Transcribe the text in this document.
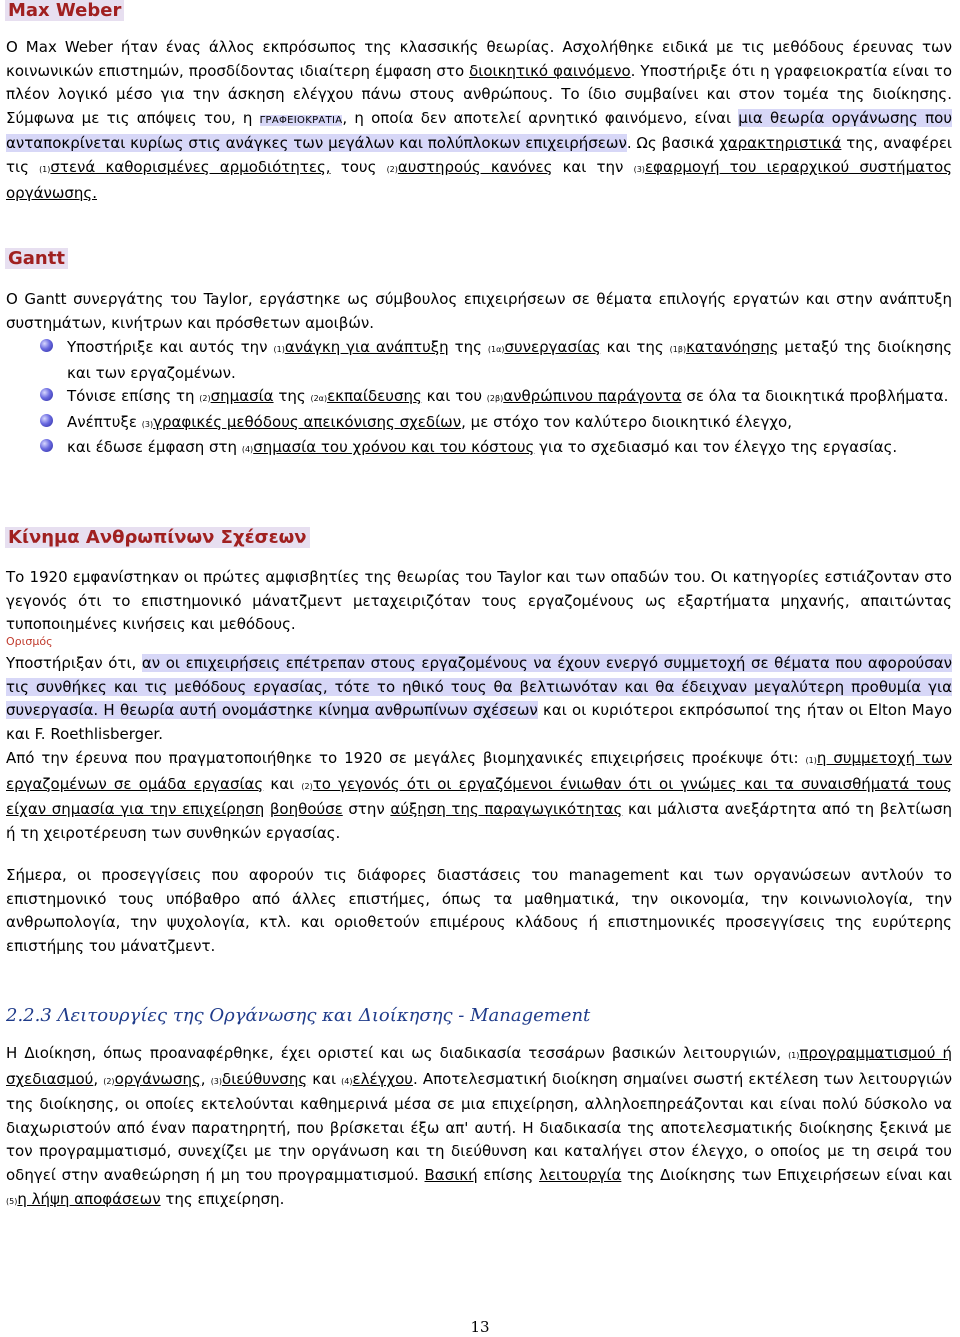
Max Weber

Ο Max Weber ήταν ένας άλλος εκπρόσωπος της κλασσικής θεωρίας. Ασχολήθηκε ειδικά με τις μεθόδους έρευνας των κοινωνικών επιστημών, προσδίδοντας ιδιαίτερη έμφαση στο διοικητικό φαινόμενο. Υποστήριξε ότι η γραφειοκρατία είναι το πλέον λογικό μέσο για την άσκηση ελέγχου πάνω στους ανθρώπους. Το ίδιο συμβαίνει και στον τομέα της διοίκησης. Σύμφωνα με τις απόψεις του, η ΓΡΑΦΕΙΟΚΡΑΤΙΑ, η οποία δεν αποτελεί αρνητικό φαινόμενο, είναι μια θεωρία οργάνωσης που ανταποκρίνεται κυρίως στις ανάγκες των μεγάλων και πολύπλοκων επιχειρήσεων. Ως βασικά χαρακτηριστικά της, αναφέρει τις (1)στενά καθορισμένες αρμοδιότητες, τους (2)αυστηρούς κανόνες και την (3)εφαρμογή του ιεραρχικού συστήματος οργάνωσης.

Gantt

Ο Gantt συνεργάτης του Taylor, εργάστηκε ως σύμβουλος επιχειρήσεων σε θέματα επιλογής εργατών και στην ανάπτυξη συστημάτων, κινήτρων και πρόσθετων αμοιβών.

Υποστήριξε και αυτός την (1)ανάγκη για ανάπτυξη της (1α)συνεργασίας και της (1β)κατανόησης μεταξύ της διοίκησης και των εργαζομένων.
Τόνισε επίσης τη (2)σημασία της (2α)εκπαίδευσης και του (2β)ανθρώπινου παράγοντα σε όλα τα διοικητικά προβλήματα.
Ανέπτυξε (3)γραφικές μεθόδους απεικόνισης σχεδίων, με στόχο τον καλύτερο διοικητικό έλεγχο,
και έδωσε έμφαση στη (4)σημασία του χρόνου και του κόστους για το σχεδιασμό και τον έλεγχο της εργασίας.
Κίνημα Ανθρωπίνων Σχέσεων

Το 1920 εμφανίστηκαν οι πρώτες αμφισβητίες της θεωρίας του Taylor και των οπαδών του. Οι κατηγορίες εστιάζονταν στο γεγονός ότι το επιστημονικό μάνατζμεντ μεταχειριζόταν τους εργαζομένους ως εξαρτήματα μηχανής, απαιτώντας τυποποιημένες κινήσεις και μεθόδους.

Ορισμός

Υποστήριξαν ότι, αν οι επιχειρήσεις επέτρεπαν στους εργαζομένους να έχουν ενεργό συμμετοχή σε θέματα που αφορούσαν τις συνθήκες και τις μεθόδους εργασίας, τότε το ηθικό τους θα βελτιωνόταν και θα έδειχναν μεγαλύτερη προθυμία για συνεργασία. Η θεωρία αυτή ονομάστηκε κίνημα ανθρωπίνων σχέσεων και οι κυριότεροι εκπρόσωποί της ήταν οι Elton Mayo και F. Roethlisberger.

Από την έρευνα που πραγματοποιήθηκε το 1920 σε μεγάλες βιομηχανικές επιχειρήσεις προέκυψε ότι: (1)η συμμετοχή των εργαζομένων σε ομάδα εργασίας και (2)το γεγονός ότι οι εργαζόμενοι ένιωθαν ότι οι γνώμες και τα συναισθήματά τους είχαν σημασία για την επιχείρηση βοηθούσε στην αύξηση της παραγωγικότητας και μάλιστα ανεξάρτητα από τη βελτίωση ή τη χειροτέρευση των συνθηκών εργασίας.

Σήμερα, οι προσεγγίσεις που αφορούν τις διάφορες διαστάσεις του management και των οργανώσεων αντλούν το επιστημονικό τους υπόβαθρο από άλλες επιστήμες, όπως τα μαθηματικά, την οικονομία, την κοινωνιολογία, την ανθρωπολογία, την ψυχολογία, κτλ. και οριοθετούν επιμέρους κλάδους ή επιστημονικές προσεγγίσεις της ευρύτερης επιστήμης του μάνατζμεντ.

2.2.3 Λειτουργίες της Οργάνωσης και Διοίκησης - Management

Η Διοίκηση, όπως προαναφέρθηκε, έχει οριστεί και ως διαδικασία τεσσάρων βασικών λειτουργιών, (1)προγραμματισμού ή σχεδιασμού, (2)οργάνωσης, (3)διεύθυνσης και (4)ελέγχου. Αποτελεσματική διοίκηση σημαίνει σωστή εκτέλεση των λειτουργιών της διοίκησης, οι οποίες εκτελούνται καθημερινά μέσα σε μια επιχείρηση, αλληλοεπηρεάζονται και είναι πολύ δύσκολο να διαχωριστούν από έναν παρατηρητή, που βρίσκεται έξω απ' αυτή. Η διαδικασία της αποτελεσματικής διοίκησης ξεκινά με τον προγραμματισμό, συνεχίζει με την οργάνωση και τη διεύθυνση και καταλήγει στον έλεγχο, ο οποίος με τη σειρά του οδηγεί στην αναθεώρηση ή μη του προγραμματισμού. Βασική επίσης λειτουργία της Διοίκησης των Επιχειρήσεων είναι και (5)η λήψη αποφάσεων της επιχείρηση.

13
